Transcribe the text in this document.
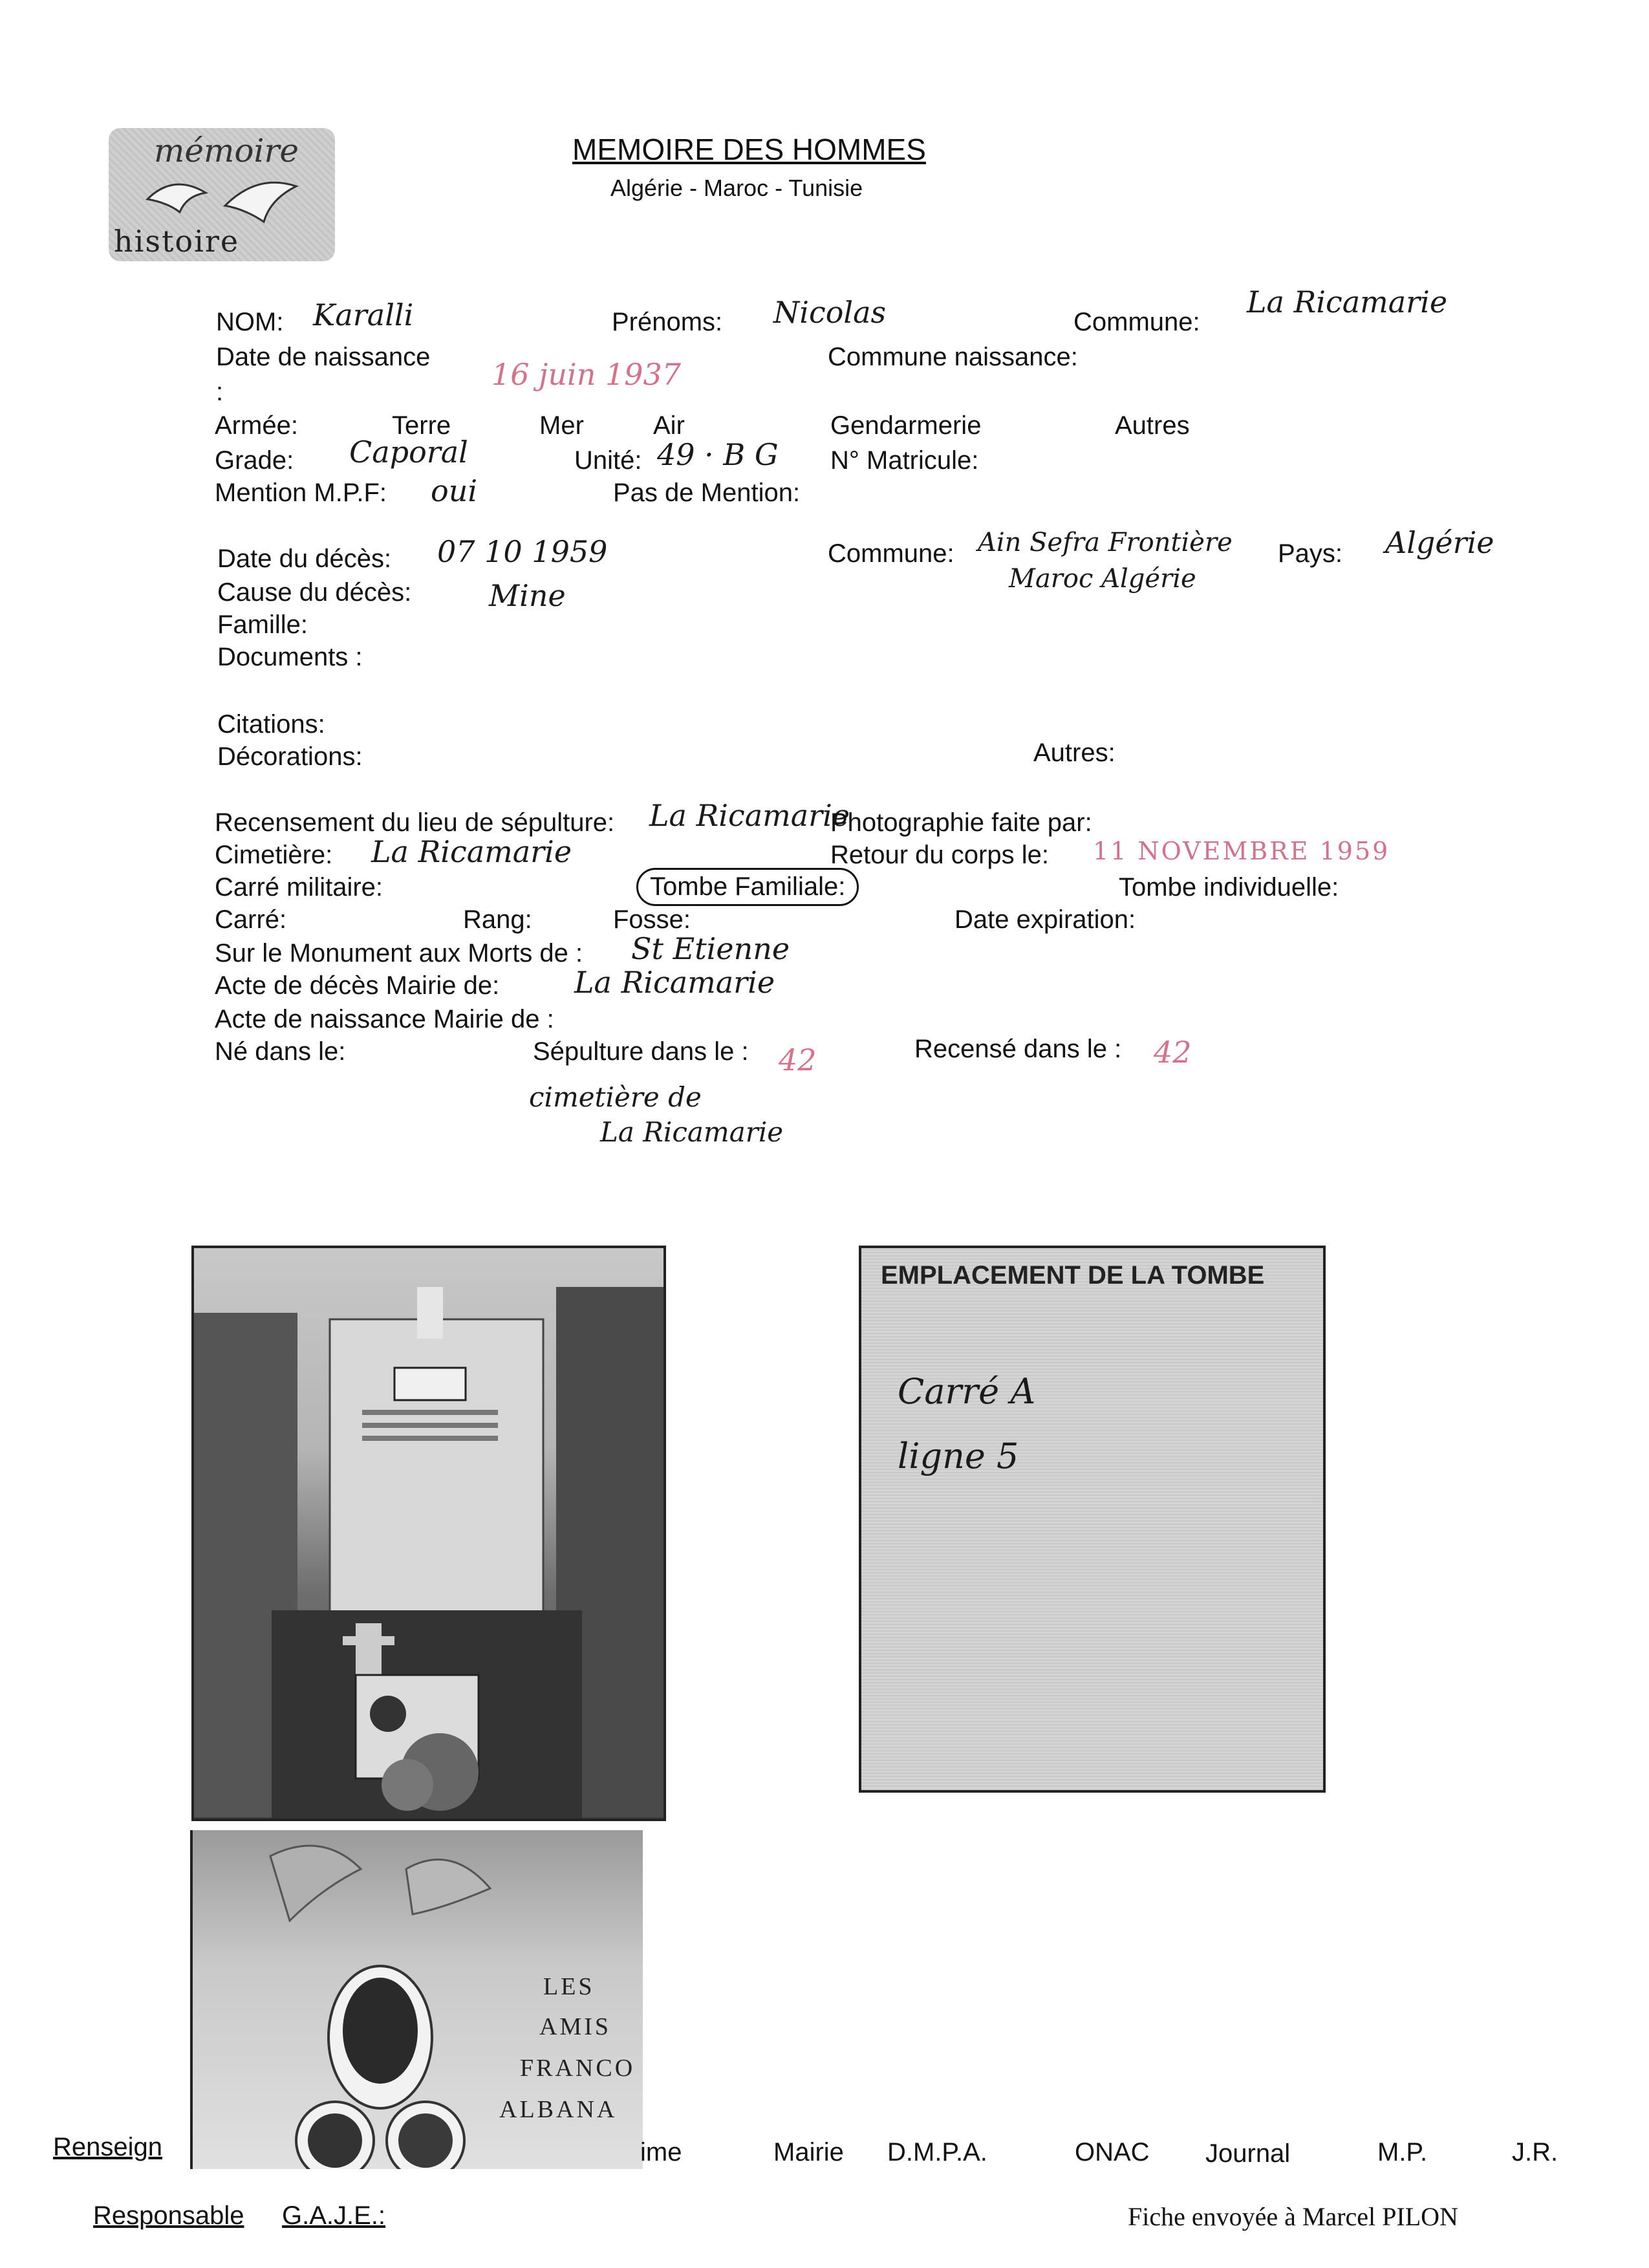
mémoire
histoire
MEMOIRE DES HOMMES
Algérie - Maroc - Tunisie
NOM: Karalli	Prénoms: Nicolas	Commune:
La Ricamarie
Date de naissance
:	16 juin 1937	Commune naissance:
Armée:	Terre	Mer	Air	Gendarmerie	Autres
Grade: Caporal	Unité: 49 · B G N° Matricule:
Mention M.P.F: oui	Pas de Mention:
Date du décès: 07 10 1959	Commune: Ain Sefra Frontière
Maroc Algérie
Pays: Algérie
Cause du décès:	Mine
Famille:
Documents :
Citations:
Décorations:	Autres:
Recensement du lieu de sépulture: La Ricamarie
Photographie faite par:
Cimetière: La Ricamarie	Retour du corps le: 11 NOVEMBRE 1959
Carré militaire:	Tombe Familiale:	Tombe individuelle:
Carré:	Rang:	Fosse:	Date expiration:
Sur le Monument aux Morts de : St Etienne
Acte de décès Mairie de:	La Ricamarie
Acte de naissance Mairie de :
Né dans le:	Sépulture dans le : 42	Recensé dans le : 42
cimetière de
La Ricamarie
LES
AMIS
FRANCO
ALBANA
EMPLACEMENT DE LA TOMBE
Carré A
ligne 5
Renseign	ime	Mairie D.M.P.A.	ONAC Journal	M.P.	J.R.
Responsable G.A.J.E.:	Fiche envoyée à Marcel PILON
